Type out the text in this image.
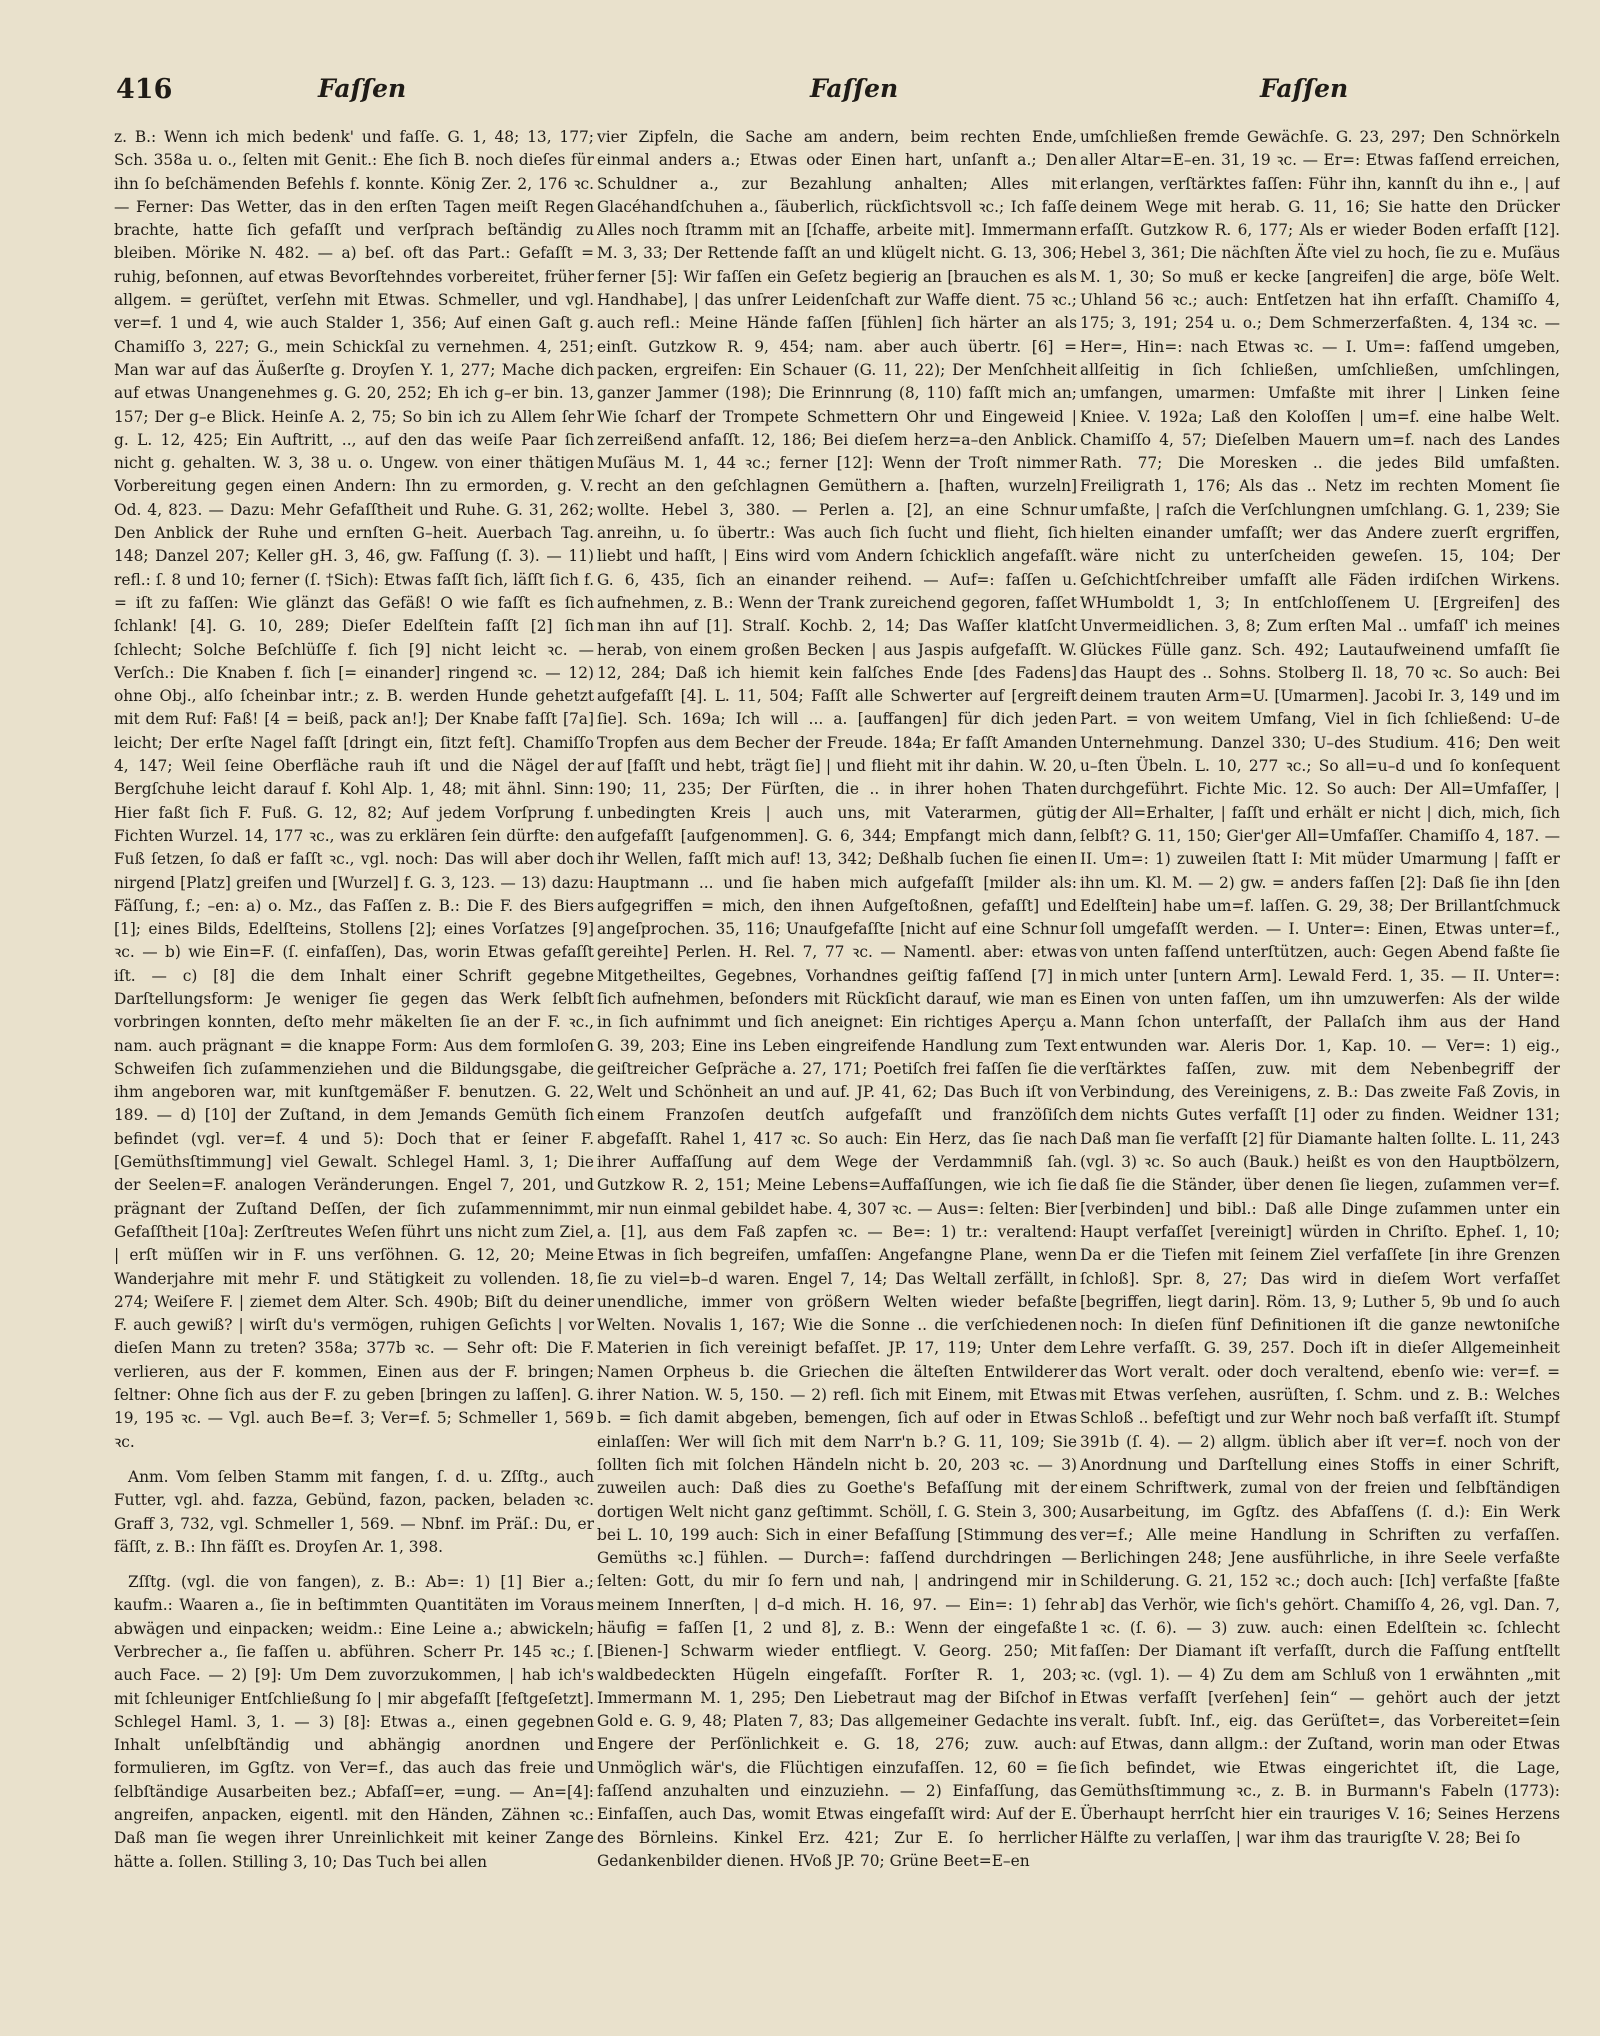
416	Faſſen	Faſſen	Faſſen

z. B.: Wenn ich mich bedenk' und faſſe. G. 1, 48; 13, 177; Sch. 358a u. o., ſelten mit Genit.: Ehe ſich B. noch dieſes für ihn ſo beſchämenden Befehls f. konnte. König Zer. 2, 176 ꝛc. — Ferner: Das Wetter, das in den erſten Tagen meiſt Regen brachte, hatte ſich gefaſſt und verſprach beſtändig zu bleiben. Mörike N. 482. — a) beſ. oft das Part.: Gefaſſt = ruhig, beſonnen, auf etwas Bevorſtehndes vorbereitet, früher allgem. = gerüſtet, verſehn mit Etwas. Schmeller, und vgl. ver=f. 1 und 4, wie auch Stalder 1, 356; Auf einen Gaſt g. Chamiſſo 3, 227; G., mein Schickſal zu vernehmen. 4, 251; Man war auf das Äußerſte g. Droyſen Y. 1, 277; Mache dich auf etwas Unangenehmes g. G. 20, 252; Eh ich g–er bin. 13, 157; Der g–e Blick. Heinſe A. 2, 75; So bin ich zu Allem ſehr g. L. 12, 425; Ein Auftritt, .., auf den das weiſe Paar ſich nicht g. gehalten. W. 3, 38 u. o. Ungew. von einer thätigen Vorbereitung gegen einen Andern: Ihn zu ermorden, g. V. Od. 4, 823. — Dazu: Mehr Gefaſſtheit und Ruhe. G. 31, 262; Den Anblick der Ruhe und ernſten G–heit. Auerbach Tag. 148; Danzel 207; Keller gH. 3, 46, gw. Faſſung (ſ. 3). — 11) refl.: ſ. 8 und 10; ferner (ſ. †Sich): Etwas faſſt ſich, läſſt ſich f. = iſt zu faſſen: Wie glänzt das Gefäß! O wie faſſt es ſich ſchlank! [4]. G. 10, 289; Dieſer Edelſtein faſſt [2] ſich ſchlecht; Solche Beſchlüſſe f. ſich [9] nicht leicht ꝛc. — Verſch.: Die Knaben f. ſich [= einander] ringend ꝛc. — 12) ohne Obj., alſo ſcheinbar intr.; z. B. werden Hunde gehetzt mit dem Ruf: Faß! [4 = beiß, pack an!]; Der Knabe faſſt [7a] leicht; Der erſte Nagel faſſt [dringt ein, ſitzt feſt]. Chamiſſo 4, 147; Weil ſeine Oberfläche rauh iſt und die Nägel der Bergſchuhe leicht darauf f. Kohl Alp. 1, 48; mit ähnl. Sinn: Hier faßt ſich F. Fuß. G. 12, 82; Auf jedem Vorſprung f. Fichten Wurzel. 14, 177 ꝛc., was zu erklären ſein dürfte: den Fuß ſetzen, ſo daß er faſſt ꝛc., vgl. noch: Das will aber doch nirgend [Platz] greifen und [Wurzel] f. G. 3, 123. — 13) dazu: Fäſſung, f.; –en: a) o. Mz., das Faſſen z. B.: Die F. des Biers [1]; eines Bilds, Edelſteins, Stollens [2]; eines Vorſatzes [9] ꝛc. — b) wie Ein=F. (ſ. einfaſſen), Das, worin Etwas gefaſſt iſt. — c) [8] die dem Inhalt einer Schrift gegebne Darſtellungsform: Je weniger ſie gegen das Werk ſelbſt vorbringen konnten, deſto mehr mäkelten ſie an der F. ꝛc., nam. auch prägnant = die knappe Form: Aus dem formloſen Schweifen ſich zuſammenziehen und die Bildungsgabe, die ihm angeboren war, mit kunſtgemäßer F. benutzen. G. 22, 189. — d) [10] der Zuſtand, in dem Jemands Gemüth ſich befindet (vgl. ver=f. 4 und 5): Doch that er ſeiner F. [Gemüthsſtimmung] viel Gewalt. Schlegel Haml. 3, 1; Die der Seelen=F. analogen Veränderungen. Engel 7, 201, und prägnant der Zuſtand Deſſen, der ſich zuſammennimmt, Gefaſſtheit [10a]: Zerſtreutes Weſen führt uns nicht zum Ziel, | erſt müſſen wir in F. uns verſöhnen. G. 12, 20; Meine Wanderjahre mit mehr F. und Stätigkeit zu vollenden. 18, 274; Weiſere F. | ziemet dem Alter. Sch. 490b; Biſt du deiner F. auch gewiß? | wirſt du's vermögen, ruhigen Geſichts | vor dieſen Mann zu treten? 358a; 377b ꝛc. — Sehr oft: Die F. verlieren, aus der F. kommen, Einen aus der F. bringen; ſeltner: Ohne ſich aus der F. zu geben [bringen zu laſſen]. G. 19, 195 ꝛc. — Vgl. auch Be=f. 3; Ver=f. 5; Schmeller 1, 569 ꝛc.

Anm. Vom ſelben Stamm mit fangen, ſ. d. u. Zſſtg., auch Futter, vgl. ahd. fazza, Gebünd, fazon, packen, beladen ꝛc. Graff 3, 732, vgl. Schmeller 1, 569. — Nbnf. im Präſ.: Du, er fäſſt, z. B.: Ihn fäſſt es. Droyſen Ar. 1, 398.

Zſſtg. (vgl. die von fangen), z. B.: Ab=: 1) [1] Bier a.; kaufm.: Waaren a., ſie in beſtimmten Quantitäten im Voraus abwägen und einpacken; weidm.: Eine Leine a.; abwickeln; Verbrecher a., ſie faſſen u. abführen. Scherr Pr. 145 ꝛc.; ſ. auch Face. — 2) [9]: Um Dem zuvorzukommen, | hab ich's mit ſchleuniger Entſchließung ſo | mir abgefaſſt [feſtgeſetzt]. Schlegel Haml. 3, 1. — 3) [8]: Etwas a., einen gegebnen Inhalt unſelbſtändig und abhängig anordnen und formulieren, im Ggſtz. von Ver=f., das auch das freie und ſelbſtändige Ausarbeiten bez.; Abfaſſ=er, =ung. — An=[4]: angreifen, anpacken, eigentl. mit den Händen, Zähnen ꝛc.: Daß man ſie wegen ihrer Unreinlichkeit mit keiner Zange hätte a. ſollen. Stilling 3, 10; Das Tuch bei allen

vier Zipfeln, die Sache am andern, beim rechten Ende, einmal anders a.; Etwas oder Einen hart, unſanft a.; Den Schuldner a., zur Bezahlung anhalten; Alles mit Glacéhandſchuhen a., ſäuberlich, rückſichtsvoll ꝛc.; Ich faſſe Alles noch ſtramm mit an [ſchaffe, arbeite mit]. Immermann M. 3, 33; Der Rettende faſſt an und klügelt nicht. G. 13, 306; ferner [5]: Wir faſſen ein Geſetz begierig an [brauchen es als Handhabe], | das unſrer Leidenſchaft zur Waffe dient. 75 ꝛc.; auch refl.: Meine Hände faſſen [fühlen] ſich härter an als einſt. Gutzkow R. 9, 454; nam. aber auch übertr. [6] = packen, ergreifen: Ein Schauer (G. 11, 22); Der Menſchheit ganzer Jammer (198); Die Erinnrung (8, 110) faſſt mich an; Wie ſcharf der Trompete Schmettern Ohr und Eingeweid | zerreißend anfaſſt. 12, 186; Bei dieſem herz=a–den Anblick. Muſäus M. 1, 44 ꝛc.; ferner [12]: Wenn der Troſt nimmer recht an den geſchlagnen Gemüthern a. [haften, wurzeln] wollte. Hebel 3, 380. — Perlen a. [2], an eine Schnur anreihn, u. ſo übertr.: Was auch ſich ſucht und flieht, ſich liebt und haſſt, | Eins wird vom Andern ſchicklich angefaſſt. G. 6, 435, ſich an einander reihend. — Auf=: faſſen u. aufnehmen, z. B.: Wenn der Trank zureichend gegoren, faſſet man ihn auf [1]. Stralſ. Kochb. 2, 14; Das Waſſer klatſcht herab, von einem großen Becken | aus Jaspis aufgefaſſt. W. 12, 284; Daß ich hiemit kein falſches Ende [des Fadens] aufgefaſſt [4]. L. 11, 504; Faſſt alle Schwerter auf [ergreift ſie]. Sch. 169a; Ich will ... a. [auffangen] für dich jeden Tropfen aus dem Becher der Freude. 184a; Er faſſt Amanden auf [faſſt und hebt, trägt ſie] | und flieht mit ihr dahin. W. 20, 190; 11, 235; Der Fürſten, die .. in ihrer hohen Thaten unbedingten Kreis | auch uns, mit Vaterarmen, gütig aufgefaſſt [aufgenommen]. G. 6, 344; Empfangt mich dann, ihr Wellen, faſſt mich auf! 13, 342; Deßhalb ſuchen ſie einen Hauptmann ... und ſie haben mich aufgefaſſt [milder als: aufgegriffen = mich, den ihnen Aufgeſtoßnen, gefaſſt] und angeſprochen. 35, 116; Unaufgefaſſte [nicht auf eine Schnur gereihte] Perlen. H. Rel. 7, 77 ꝛc. — Namentl. aber: etwas Mitgetheiltes, Gegebnes, Vorhandnes geiſtig faſſend [7] in ſich aufnehmen, beſonders mit Rückſicht darauf, wie man es in ſich aufnimmt und ſich aneignet: Ein richtiges Aperçu a. G. 39, 203; Eine ins Leben eingreifende Handlung zum Text geiſtreicher Geſpräche a. 27, 171; Poetiſch frei faſſen ſie die Welt und Schönheit an und auf. JP. 41, 62; Das Buch iſt von einem Franzoſen deutſch aufgefaſſt und franzöſiſch abgefaſſt. Rahel 1, 417 ꝛc. So auch: Ein Herz, das ſie nach ihrer Auffaſſung auf dem Wege der Verdammniß ſah. Gutzkow R. 2, 151; Meine Lebens=Auffaſſungen, wie ich ſie mir nun einmal gebildet habe. 4, 307 ꝛc. — Aus=: ſelten: Bier a. [1], aus dem Faß zapfen ꝛc. — Be=: 1) tr.: veraltend: Etwas in ſich begreifen, umfaſſen: Angefangne Plane, wenn ſie zu viel=b–d waren. Engel 7, 14; Das Weltall zerfällt, in unendliche, immer von größern Welten wieder befaßte Welten. Novalis 1, 167; Wie die Sonne .. die verſchiedenen Materien in ſich vereinigt befaſſet. JP. 17, 119; Unter dem Namen Orpheus b. die Griechen die älteſten Entwilderer ihrer Nation. W. 5, 150. — 2) refl. ſich mit Einem, mit Etwas b. = ſich damit abgeben, bemengen, ſich auf oder in Etwas einlaſſen: Wer will ſich mit dem Narr'n b.? G. 11, 109; Sie ſollten ſich mit ſolchen Händeln nicht b. 20, 203 ꝛc. — 3) zuweilen auch: Daß dies zu Goethe's Befaſſung mit der dortigen Welt nicht ganz geſtimmt. Schöll, ſ. G. Stein 3, 300; bei L. 10, 199 auch: Sich in einer Befaſſung [Stimmung des Gemüths ꝛc.] fühlen. — Durch=: faſſend durchdringen — ſelten: Gott, du mir ſo fern und nah, | andringend mir in meinem Innerſten, | d–d mich. H. 16, 97. — Ein=: 1) ſehr häufig = faſſen [1, 2 und 8], z. B.: Wenn der eingefaßte [Bienen-] Schwarm wieder entfliegt. V. Georg. 250; Mit waldbedeckten Hügeln eingefaſſt. Forſter R. 1, 203; Immermann M. 1, 295; Den Liebetraut mag der Biſchof in Gold e. G. 9, 48; Platen 7, 83; Das allgemeiner Gedachte ins Engere der Perſönlichkeit e. G. 18, 276; zuw. auch: Unmöglich wär's, die Flüchtigen einzufaſſen. 12, 60 = ſie faſſend anzuhalten und einzuziehn. — 2) Einfaſſung, das Einfaſſen, auch Das, womit Etwas eingefaſſt wird: Auf der E. des Börnleins. Kinkel Erz. 421; Zur E. ſo herrlicher Gedankenbilder dienen. HVoß JP. 70; Grüne Beet=E–en

umſchließen fremde Gewächſe. G. 23, 297; Den Schnörkeln aller Altar=E–en. 31, 19 ꝛc. — Er=: Etwas faſſend erreichen, erlangen, verſtärktes faſſen: Führ ihn, kannſt du ihn e., | auf deinem Wege mit herab. G. 11, 16; Sie hatte den Drücker erfaſſt. Gutzkow R. 6, 177; Als er wieder Boden erfaſſt [12]. Hebel 3, 361; Die nächſten Äſte viel zu hoch, ſie zu e. Muſäus M. 1, 30; So muß er kecke [angreifen] die arge, böſe Welt. Uhland 56 ꝛc.; auch: Entſetzen hat ihn erfaſſt. Chamiſſo 4, 175; 3, 191; 254 u. o.; Dem Schmerzerfaßten. 4, 134 ꝛc. — Her=, Hin=: nach Etwas ꝛc. — I. Um=: faſſend umgeben, allſeitig in ſich ſchließen, umſchließen, umſchlingen, umfangen, umarmen: Umfaßte mit ihrer | Linken ſeine Kniee. V. 192a; Laß den Koloſſen | um=f. eine halbe Welt. Chamiſſo 4, 57; Dieſelben Mauern um=f. nach des Landes Rath. 77; Die Moresken .. die jedes Bild umfaßten. Freiligrath 1, 176; Als das .. Netz im rechten Moment ſie umfaßte, | raſch die Verſchlungnen umſchlang. G. 1, 239; Sie hielten einander umfaſſt; wer das Andere zuerſt ergriffen, wäre nicht zu unterſcheiden geweſen. 15, 104; Der Geſchichtſchreiber umfaſſt alle Fäden irdiſchen Wirkens. WHumboldt 1, 3; In entſchloſſenem U. [Ergreifen] des Unvermeidlichen. 3, 8; Zum erſten Mal .. umfaſſ' ich meines Glückes Fülle ganz. Sch. 492; Lautaufweinend umfaſſt ſie das Haupt des .. Sohns. Stolberg Il. 18, 70 ꝛc. So auch: Bei deinem trauten Arm=U. [Umarmen]. Jacobi Ir. 3, 149 und im Part. = von weitem Umfang, Viel in ſich ſchließend: U–de Unternehmung. Danzel 330; U–des Studium. 416; Den weit u–ſten Übeln. L. 10, 277 ꝛc.; So all=u–d und ſo konſequent durchgeführt. Fichte Mic. 12. So auch: Der All=Umfaſſer, | der All=Erhalter, | faſſt und erhält er nicht | dich, mich, ſich ſelbſt? G. 11, 150; Gier'ger All=Umfaſſer. Chamiſſo 4, 187. — II. Um=: 1) zuweilen ſtatt I: Mit müder Umarmung | faſſt er ihn um. Kl. M. — 2) gw. = anders faſſen [2]: Daß ſie ihn [den Edelſtein] habe um=f. laſſen. G. 29, 38; Der Brillantſchmuck ſoll umgefaſſt werden. — I. Unter=: Einen, Etwas unter=f., von unten faſſend unterſtützen, auch: Gegen Abend faßte ſie mich unter [untern Arm]. Lewald Ferd. 1, 35. — II. Unter=: Einen von unten faſſen, um ihn umzuwerfen: Als der wilde Mann ſchon unterfaſſt, der Pallaſch ihm aus der Hand entwunden war. Aleris Dor. 1, Kap. 10. — Ver=: 1) eig., verſtärktes faſſen, zuw. mit dem Nebenbegriff der Verbindung, des Vereinigens, z. B.: Das zweite Faß Zovis, in dem nichts Gutes verfaſſt [1] oder zu finden. Weidner 131; Daß man ſie verfaſſt [2] für Diamante halten ſollte. L. 11, 243 (vgl. 3) ꝛc. So auch (Bauk.) heißt es von den Hauptbölzern, daß ſie die Ständer, über denen ſie liegen, zuſammen ver=f. [verbinden] und bibl.: Daß alle Dinge zuſammen unter ein Haupt verfaſſet [vereinigt] würden in Chriſto. Epheſ. 1, 10; Da er die Tiefen mit ſeinem Ziel verfaſſete [in ihre Grenzen ſchloß]. Spr. 8, 27; Das wird in dieſem Wort verfaſſet [begriffen, liegt darin]. Röm. 13, 9; Luther 5, 9b und ſo auch noch: In dieſen fünf Definitionen iſt die ganze newtoniſche Lehre verfaſſt. G. 39, 257. Doch iſt in dieſer Allgemeinheit das Wort veralt. oder doch veraltend, ebenſo wie: ver=f. = mit Etwas verſehen, ausrüſten, ſ. Schm. und z. B.: Welches Schloß .. befeſtigt und zur Wehr noch baß verfaſſt iſt. Stumpf 391b (ſ. 4). — 2) allgm. üblich aber iſt ver=f. noch von der Anordnung und Darſtellung eines Stoffs in einer Schrift, einem Schriftwerk, zumal von der freien und ſelbſtändigen Ausarbeitung, im Ggſtz. des Abfaſſens (ſ. d.): Ein Werk ver=f.; Alle meine Handlung in Schriften zu verfaſſen. Berlichingen 248; Jene ausführliche, in ihre Seele verfaßte Schilderung. G. 21, 152 ꝛc.; doch auch: [Ich] verfaßte [faßte ab] das Verhör, wie ſich's gehört. Chamiſſo 4, 26, vgl. Dan. 7, 1 ꝛc. (ſ. 6). — 3) zuw. auch: einen Edelſtein ꝛc. ſchlecht faſſen: Der Diamant iſt verfaſſt, durch die Faſſung entſtellt ꝛc. (vgl. 1). — 4) Zu dem am Schluß von 1 erwähnten „mit Etwas verfaſſt [verſehen] ſein“ — gehört auch der jetzt veralt. ſubſt. Inf., eig. das Gerüſtet=, das Vorbereitet=ſein auf Etwas, dann allgm.: der Zuſtand, worin man oder Etwas ſich befindet, wie Etwas eingerichtet iſt, die Lage, Gemüthsſtimmung ꝛc., z. B. in Burmann's Fabeln (1773): Überhaupt herrſcht hier ein trauriges V. 16; Seines Herzens Hälfte zu verlaſſen, | war ihm das traurigſte V. 28; Bei ſo
